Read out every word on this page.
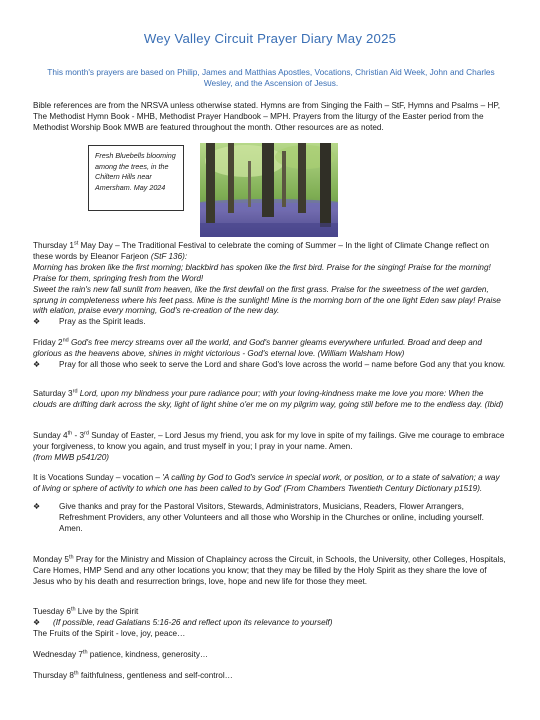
Wey Valley Circuit Prayer Diary May 2025
This month's prayers are based on Philip, James and Matthias Apostles, Vocations, Christian Aid Week, John and Charles Wesley, and the Ascension of Jesus.
Bible references are from the NRSVA unless otherwise stated. Hymns are from Singing the Faith – StF, Hymns and Psalms – HP, The Methodist Hymn Book - MHB, Methodist Prayer Handbook – MPH. Prayers from the liturgy of the Easter period from the Methodist Worship Book MWB are featured throughout the month. Other resources are as noted.
Fresh Bluebells blooming among the trees, in the Chiltern Hills near Amersham. May 2024
Thursday 1st May Day – The Traditional Festival to celebrate the coming of Summer – In the light of Climate Change reflect on these words by Eleanor Farjeon (StF 136):
Morning has broken like the first morning; blackbird has spoken like the first bird. Praise for the singing! Praise for the morning! Praise for them, springing fresh from the Word!
Sweet the rain's new fall sunlit from heaven, like the first dewfall on the first grass. Praise for the sweetness of the wet garden, sprung in completeness where his feet pass. Mine is the sunlight! Mine is the morning born of the one light Eden saw play! Praise with elation, praise every morning, God's re-creation of the new day.
❖ Pray as the Spirit leads.
Friday 2nd God's free mercy streams over all the world, and God's banner gleams everywhere unfurled. Broad and deep and glorious as the heavens above, shines in might victorious - God's eternal love. (William Walsham How)
❖ Pray for all those who seek to serve the Lord and share God's love across the world – name before God any that you know.
Saturday 3rd Lord, upon my blindness your pure radiance pour; with your loving-kindness make me love you more: When the clouds are drifting dark across the sky, light of light shine o'er me on my pilgrim way, going still before me to the endless day. (Ibid)
Sunday 4th - 3rd Sunday of Easter, – Lord Jesus my friend, you ask for my love in spite of my failings. Give me courage to embrace your forgiveness, to know you again, and trust myself in you; I pray in your name. Amen.
(from MWB p541/20)
It is Vocations Sunday – vocation – 'A calling by God to God's service in special work, or position, or to a state of salvation; a way of living or sphere of activity to which one has been called to by God' (From Chambers Twentieth Century Dictionary p1519).
❖ Give thanks and pray for the Pastoral Visitors, Stewards, Administrators, Musicians, Readers, Flower Arrangers, Refreshment Providers, any other Volunteers and all those who Worship in the Churches or online, including yourself. Amen.
Monday 5th Pray for the Ministry and Mission of Chaplaincy across the Circuit, in Schools, the University, other Colleges, Hospitals, Care Homes, HMP Send and any other locations you know; that they may be filled by the Holy Spirit as they share the love of Jesus who by his death and resurrection brings, love, hope and new life for those they meet.
Tuesday 6th Live by the Spirit
❖ (If possible, read Galatians 5:16-26 and reflect upon its relevance to yourself)
The Fruits of the Spirit - love, joy, peace…
Wednesday 7th patience, kindness, generosity…
Thursday 8th faithfulness, gentleness and self-control…
